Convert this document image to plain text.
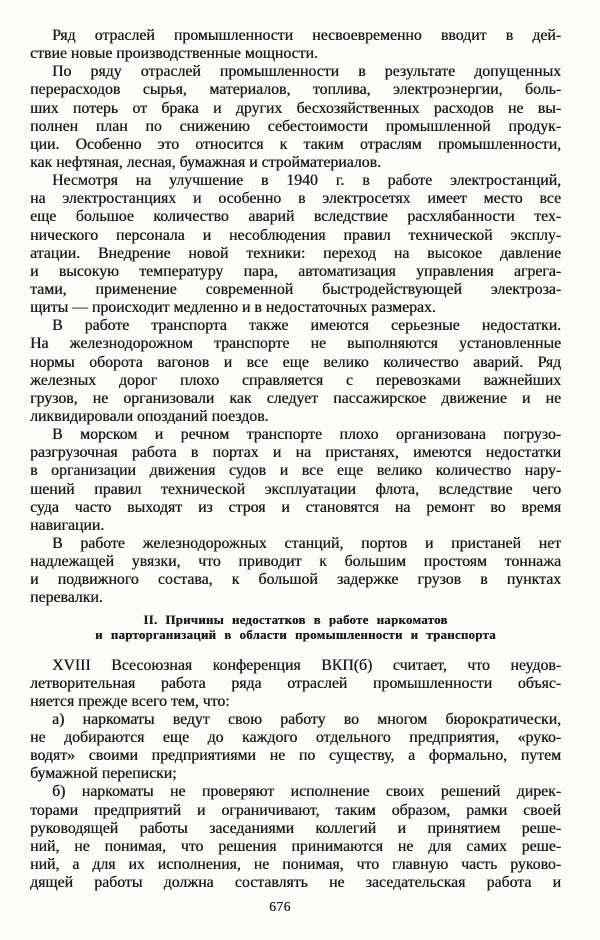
Ряд отраслей промышленности несвоевременно вводит в дей-
ствие новые производственные мощности.
По ряду отраслей промышленности в результате допущенных
перерасходов сырья, материалов, топлива, электроэнергии, боль-
ших потерь от брака и других бесхозяйственных расходов не вы-
полнен план по снижению себестоимости промышленной продук-
ции. Особенно это относится к таким отраслям промышленности,
как нефтяная, лесная, бумажная и стройматериалов.
Несмотря на улучшение в 1940 г. в работе электростанций,
на электростанциях и особенно в электросетях имеет место все
еще большое количество аварий вследствие расхлябанности тех-
нического персонала и несоблюдения правил технической эксплу-
атации. Внедрение новой техники: переход на высокое давление
и высокую температуру пара, автоматизация управления агрега-
тами, применение современной быстродействующей электроза-
щиты — происходит медленно и в недостаточных размерах.
В работе транспорта также имеются серьезные недостатки.
На железнодорожном транспорте не выполняются установленные
нормы оборота вагонов и все еще велико количество аварий. Ряд
железных дорог плохо справляется с перевозками важнейших
грузов, не организовали как следует пассажирское движение и не
ликвидировали опозданий поездов.
В морском и речном транспорте плохо организована погрузо-
разгрузочная работа в портах и на пристанях, имеются недостатки
в организации движения судов и все еще велико количество нару-
шений правил технической эксплуатации флота, вследствие чего
суда часто выходят из строя и становятся на ремонт во время
навигации.
В работе железнодорожных станций, портов и пристаней нет
надлежащей увязки, что приводит к большим простоям тоннажа
и подвижного состава, к большой задержке грузов в пунктах
перевалки.
II. Причины недостатков в работе наркоматов
и парторганизаций в области промышленности и транспорта
XVIII Всесоюзная конференция ВКП(б) считает, что неудов-
летворительная работа ряда отраслей промышленности объяс-
няется прежде всего тем, что:
а) наркоматы ведут свою работу во многом бюрократически,
не добираются еще до каждого отдельного предприятия, «руко-
водят» своими предприятиями не по существу, а формально, путем
бумажной переписки;
б) наркоматы не проверяют исполнение своих решений дирек-
торами предприятий и ограничивают, таким образом, рамки своей
руководящей работы заседаниями коллегий и принятием реше-
ний, не понимая, что решения принимаются не для самих реше-
ний, а для их исполнения, не понимая, что главную часть руково-
дящей работы должна составлять не заседательская работа и
676
